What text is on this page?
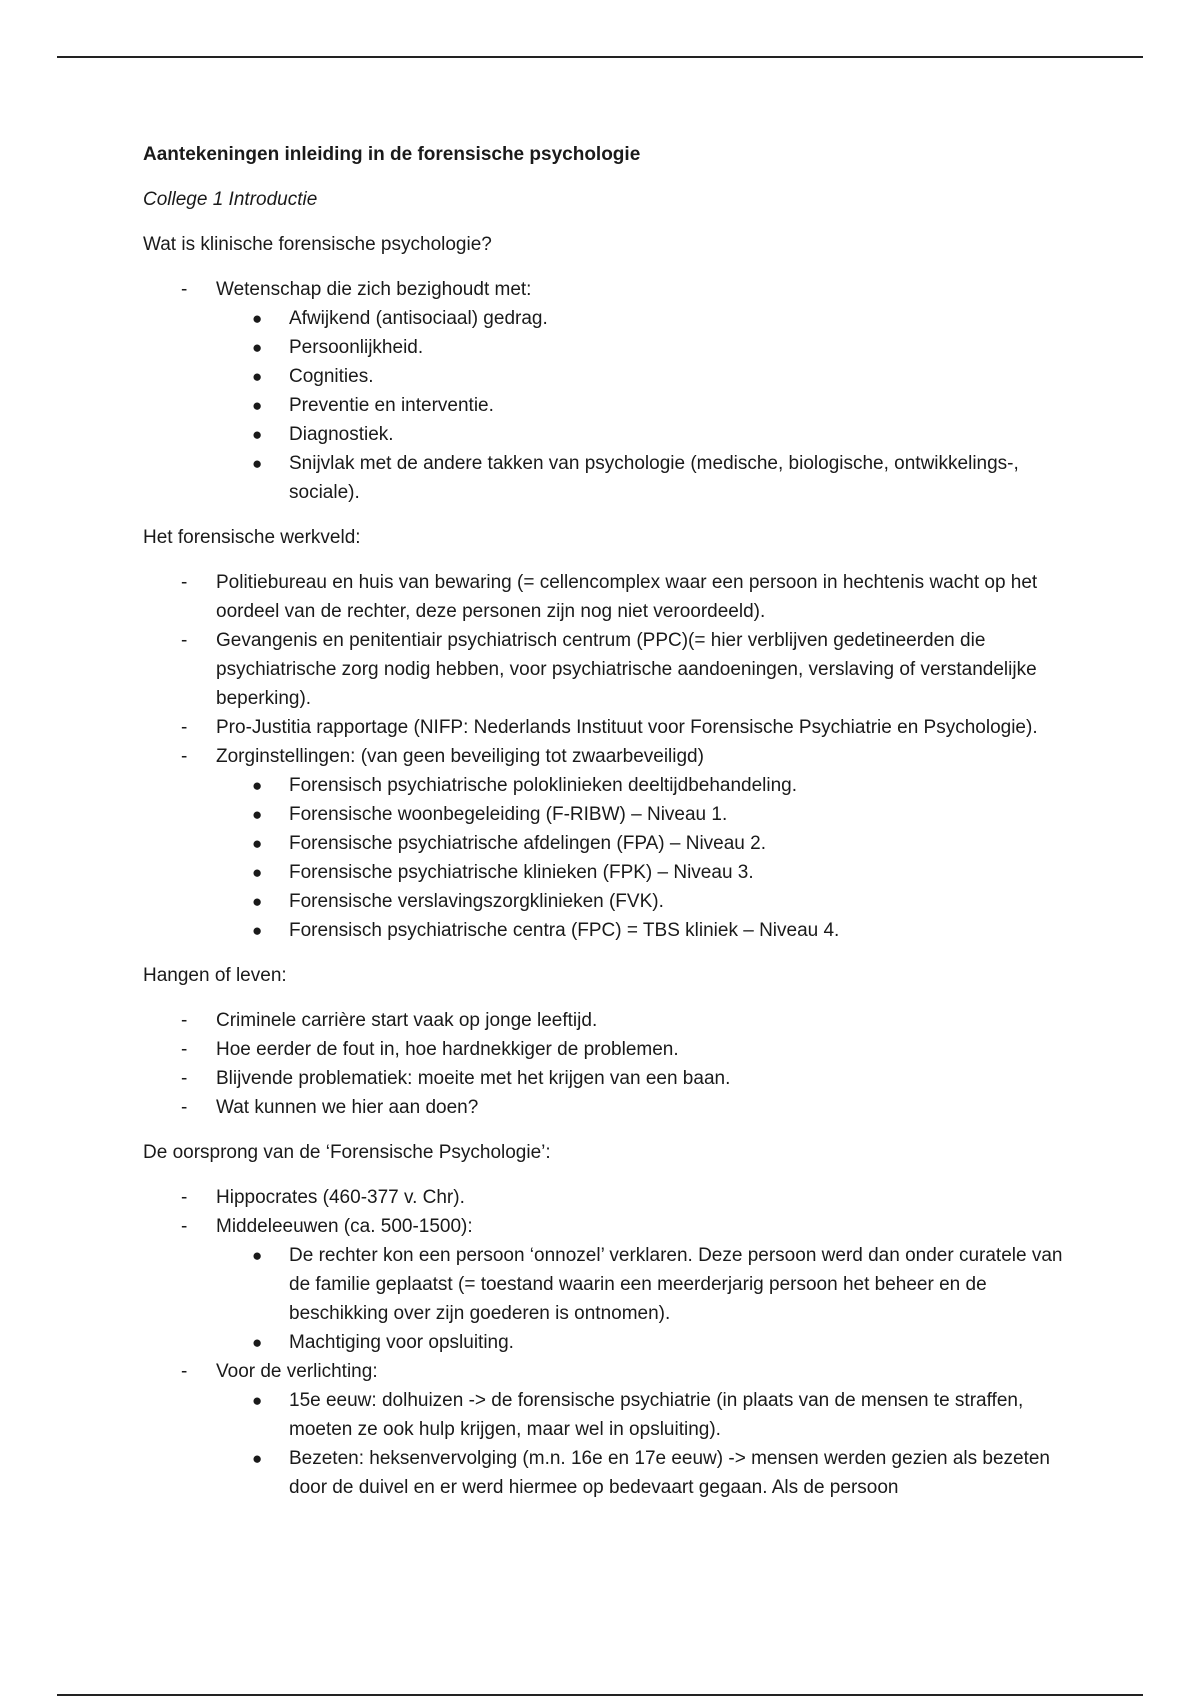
Aantekeningen inleiding in de forensische psychologie

College 1 Introductie

Wat is klinische forensische psychologie?

- Wetenschap die zich bezighoudt met:
● Afwijkend (antisociaal) gedrag.
● Persoonlijkheid.
● Cognities.
● Preventie en interventie.
● Diagnostiek.
● Snijvlak met de andere takken van psychologie (medische, biologische, ontwikkelings-, sociale).

Het forensische werkveld:

- Politiebureau en huis van bewaring (= cellencomplex waar een persoon in hechtenis wacht op het oordeel van de rechter, deze personen zijn nog niet veroordeeld).
- Gevangenis en penitentiair psychiatrisch centrum (PPC)(= hier verblijven gedetineerden die psychiatrische zorg nodig hebben, voor psychiatrische aandoeningen, verslaving of verstandelijke beperking).
- Pro-Justitia rapportage (NIFP: Nederlands Instituut voor Forensische Psychiatrie en Psychologie).
- Zorginstellingen: (van geen beveiliging tot zwaarbeveiligd)
● Forensisch psychiatrische poloklinieken deeltijdbehandeling.
● Forensische woonbegeleiding (F-RIBW) – Niveau 1.
● Forensische psychiatrische afdelingen (FPA) – Niveau 2.
● Forensische psychiatrische klinieken (FPK) – Niveau 3.
● Forensische verslavingszorgklinieken (FVK).
● Forensisch psychiatrische centra (FPC) = TBS kliniek – Niveau 4.

Hangen of leven:

- Criminele carrière start vaak op jonge leeftijd.
- Hoe eerder de fout in, hoe hardnekkiger de problemen.
- Blijvende problematiek: moeite met het krijgen van een baan.
- Wat kunnen we hier aan doen?

De oorsprong van de ‘Forensische Psychologie’:

- Hippocrates (460-377 v. Chr).
- Middeleeuwen (ca. 500-1500):
● De rechter kon een persoon ‘onnozel’ verklaren. Deze persoon werd dan onder curatele van de familie geplaatst (= toestand waarin een meerderjarig persoon het beheer en de beschikking over zijn goederen is ontnomen).
● Machtiging voor opsluiting.
- Voor de verlichting:
● 15e eeuw: dolhuizen -> de forensische psychiatrie (in plaats van de mensen te straffen, moeten ze ook hulp krijgen, maar wel in opsluiting).
● Bezeten: heksenvervolging (m.n. 16e en 17e eeuw) -> mensen werden gezien als bezeten door de duivel en er werd hiermee op bedevaart gegaan. Als de persoon
